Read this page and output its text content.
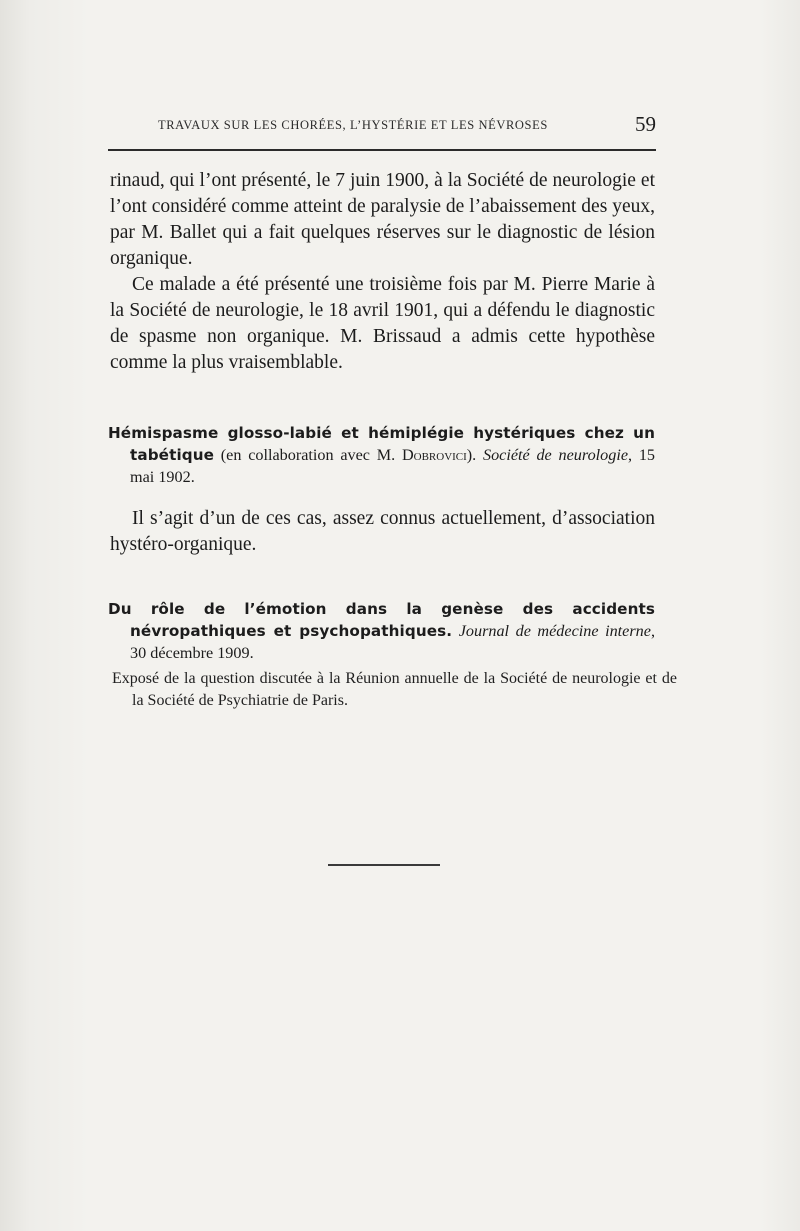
TRAVAUX SUR LES CHORÉES, L’HYSTÉRIE ET LES NÉVROSES	59

rinaud, qui l’ont présenté, le 7 juin 1900, à la Société de neurologie et l’ont considéré comme atteint de paralysie de l’abaissement des yeux, par M. Ballet qui a fait quelques réserves sur le diagnostic de lésion organique.

Ce malade a été présenté une troisième fois par M. Pierre Marie à la Société de neurologie, le 18 avril 1901, qui a défendu le diagnostic de spasme non organique. M. Brissaud a admis cette hypothèse comme la plus vraisemblable.

Hémispasme glosso-labié et hémiplégie hystériques chez un tabétique (en collaboration avec M. Dobrovici). Société de neurologie, 15 mai 1902.

Il s’agit d’un de ces cas, assez connus actuellement, d’association hystéro-organique.

Du rôle de l’émotion dans la genèse des accidents névropathiques et psychopathiques. Journal de médecine interne, 30 décembre 1909.

Exposé de la question discutée à la Réunion annuelle de la Société de neurologie et de la Société de Psychiatrie de Paris.
